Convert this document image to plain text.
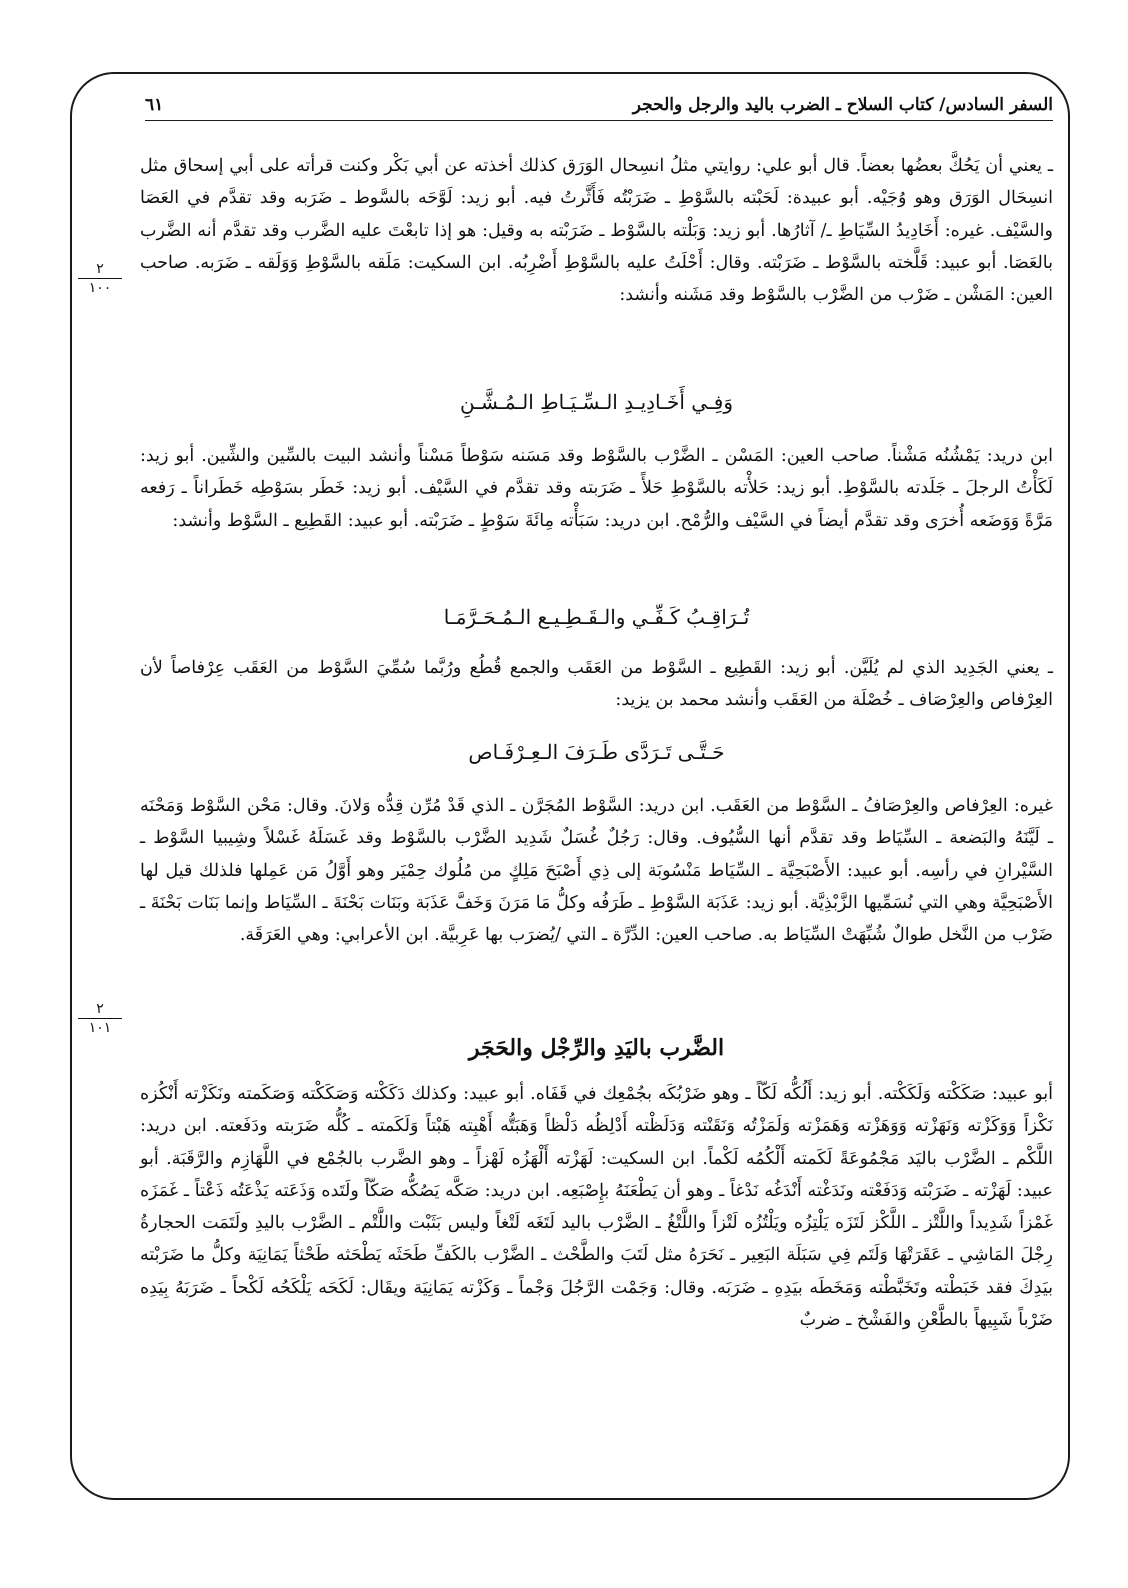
السفر السادس/ كتاب السلاح ـ الضرب باليد والرجل والحجر
٦١
٢
١٠٠
٢
١٠١

ـ يعني أن يَحُكَّ بعضُها بعضاً. قال أبو علي: روايتي مثلُ انسِحال الوَرَق كذلك أخذته عن أبي بَكْر وكنت قرأته على أبي إسحاق مثل انسِحَال الوَرَق وهو وُجَيْه. أبو عبيدة: لَحَبْته بالسَّوْطِ ـ ضَرَبْتُه فَأَثَّرتُ فيه. أبو زيد: لَوَّحَه بالسَّوط ـ ضَرَبه وقد تقدَّم في العَصَا والسَّيْف. غيره: أَخَادِيدُ السِّيَاطِ ـ/ آثارُها. أبو زيد: وَبَلْته بالسَّوْط ـ ضَرَبْته به وقيل: هو إذا تابعْتَ عليه الضَّرب وقد تقدَّم أنه الضَّرب بالعَصَا. أبو عبيد: قَلَّخته بالسَّوْط ـ ضَرَبْته. وقال: أَحْلَتُ عليه بالسَّوْطِ أَضْرِبُه. ابن السكيت: مَلَقه بالسَّوْطِ وَوَلَقه ـ ضَرَبه. صاحب العين: المَشْن ـ ضَرْب من الضَّرْب بالسَّوْط وقد مَشَنه وأنشد:

وَفِـي أَخَـادِيـدِ الـسِّـيَـاطِ الـمُـشَّـنِ

ابن دريد: يَمْشُنُه مَشْناً. صاحب العين: المَسْن ـ الضَّرْب بالسَّوْط وقد مَسَنه سَوْطاً مَسْناً وأنشد البيت بالسِّين والشِّين. أبو زيد: لَكَأْتُ الرجلَ ـ جَلَدته بالسَّوْطِ. أبو زيد: حَلأْته بالسَّوْطِ حَلأً ـ ضَرَبته وقد تقدَّم في السَّيْف. أبو زيد: خَطَر بسَوْطِه خَطَراناً ـ رَفعه مَرَّةً وَوَضَعه أُخرَى وقد تقدَّم أيضاً في السَّيْف والرُّمْح. ابن دريد: سَبَأْته مِائَةَ سَوْطٍ ـ ضَرَبْته. أبو عبيد: القَطِيع ـ السَّوْط وأنشد:

تُـرَاقِـبُ كَـفِّـي والـقَـطِـيـع الـمُـحَـرَّمَـا

ـ يعني الجَدِيد الذي لم يُلَيَّن. أبو زيد: القَطِيع ـ السَّوْط من العَقَب والجمع قُطُع ورُبَّما سُمِّيَ السَّوْط من العَقَب عِرْفاصاً لأن العِرْفاص والعِرْصَاف ـ خُصْلَة من العَقَب وأنشد محمد بن يزيد:

حَـتَّـى تَـرَدَّى طَـرَفَ الـعِـرْفَـاص

غيره: العِرْفاص والعِرْصَافُ ـ السَّوْط من العَقَب. ابن دريد: السَّوْط المُجَرَّن ـ الذي قَدْ مُرِّن قِدُّه وَلانَ. وقال: مَحْن السَّوْط وَمَحْنَه ـ لَيَّنَهُ والبَضعة ـ السِّيَاط وقد تقدَّم أنها السُّيُوف. وقال: رَجُلٌ غُسَلٌ شَدِيد الضَّرْب بالسَّوْط وقد غَسَلَهُ غَسْلاً وشِيبيا السَّوْط ـ السَّيْرانِ في رأسِه. أبو عبيد: الأَصْبَحِيَّة ـ السِّيَاط مَنْسُوبَة إلى ذِي أَصْبَحَ مَلِكٍ من مُلُوك حِمْيَر وهو أَوَّلُ مَن عَمِلها فلذلك قيل لها الأَصْبَحِيَّة وهي التي نُسَمِّيها الزَّبْذِيَّة. أبو زيد: عَذَبَة السَّوْطِ ـ طَرَفُه وكلُّ مَا مَرَنَ وَخَفَّ عَذَبَة وبَنَات بَحْنَةَ ـ السِّيَاط وإنما بَنَات بَحْنَةَ ـ ضَرْب من النَّخل طوالٌ شُبِّهَتْ السِّيَاط به. صاحب العين: الدِّرَّة ـ التي /يُضرَب بها عَرِبيَّة. ابن الأعرابي: وهي العَرَقَة.

الضَّرب باليَدِ والرِّجْل والحَجَر

أبو عبيد: صَكَكْته وَلَكَكْته. أبو زيد: أَلُكُّه لَكّاً ـ وهو ضَرْبُكَه بجُمْعِك في قَفَاه. أبو عبيد: وكذلك دَكَكْته وَصَكَكْته وَصَكَمته ونَكَزْته أَنْكُزه نَكْزاً وَوَكَزْته وَنَهَزْته وَوَهَزْته وَهَمَزْته وَلَمَزْتُه وَنَقَنْته وَدَلَظْته أَدْلِظُه دَلْظاً وَهَبَتُّه أَهْبِته هَبْتاً وَلَكَمته ـ كُلُّه ضَرَبته ودَفَعته. ابن دريد: اللَّكْم ـ الضَّرْب باليَد مَجْمُوعَةً لَكَمته أَلْكُمُه لَكْماً. ابن السكيت: لَهَزْته أَلْهَزُه لَهْزاً ـ وهو الضَّرب بالجُمْع في اللَّهَازِم والرَّقَبَة. أبو عبيد: لَهَزْته ـ ضَرَبْته وَدَفَعْته ونَدَغْته أَنْدَغُه نَدْغاً ـ وهو أن يَطْعَنَهُ بإِصْبَعِه. ابن دريد: صَكَّه يَصُكُّه صَكّاً ولَتَده وَذَعَته يَذْعَتُه ذَعْتاً ـ غَمَزَه غَمْزاً شَدِيداً واللَّتْز ـ اللَّكْز لَتَزَه يَلْتِزُه ويَلْتُزُه لَتْزاً واللَّتْغُ ـ الضَّرْب باليد لَتَغَه لَتْغاً وليس بَثَبْت واللَّتْم ـ الضَّرْب باليدِ ولَتَمَت الحجارةُ رِجْلَ المَاشِي ـ عَقَرَتْهَا وَلَتَم فِي سَبَلَة البَعِير ـ نَحَرَهُ مثل لَتَبَ والطَّحْث ـ الضَّرْب بالكَفِّ طَحَثَه يَطْحَثه طَحْثاً يَمَانِيَة وكلُّ ما ضَرَبْته بيَدِكَ فقد خَبَطْته وتَخَبَّطْته وَمَخَطَه بيَدِهِ ـ ضَرَبَه. وقال: وَجَمْت الرَّجُلَ وَجْماً ـ وَكَزْته يَمَانِيَة ويقَال: لَكَحَه يَلْكَحُه لَكْحاً ـ ضَرَبَهُ بِيَدِه ضَرْباً شَبِيهاً بالطَّعْنِ والفَشْخ ـ ضربٌ
